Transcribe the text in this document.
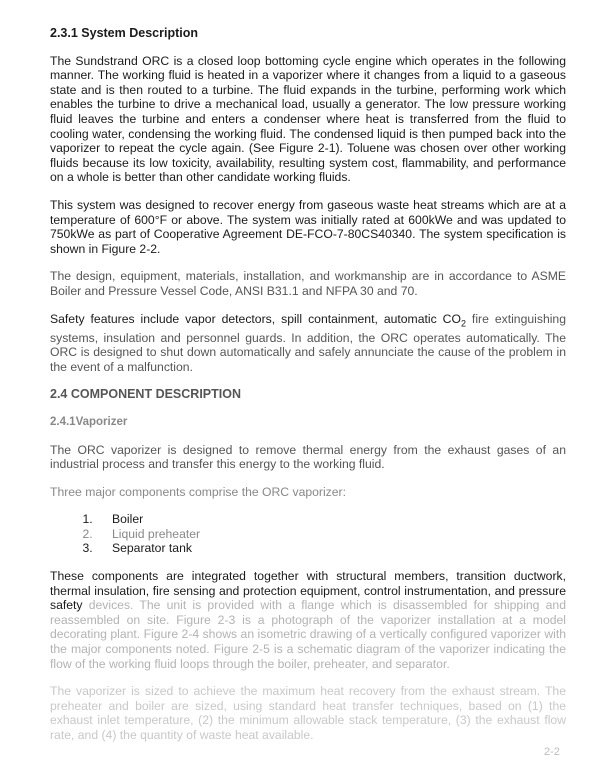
2.3.1 System Description

The Sundstrand ORC is a closed loop bottoming cycle engine which operates in the following manner. The working fluid is heated in a vaporizer where it changes from a liquid to a gaseous state and is then routed to a turbine. The fluid expands in the turbine, performing work which enables the turbine to drive a mechanical load, usually a generator. The low pressure working fluid leaves the turbine and enters a condenser where heat is transferred from the fluid to cooling water, condensing the working fluid. The condensed liquid is then pumped back into the vaporizer to repeat the cycle again. (See Figure 2-1). Toluene was chosen over other working fluids because its low toxicity, availability, resulting system cost, flammability, and performance on a whole is better than other candidate working fluids.

This system was designed to recover energy from gaseous waste heat streams which are at a temperature of 600°F or above. The system was initially rated at 600kWe and was updated to 750kWe as part of Cooperative Agreement DE-FCO-7-80CS40340. The system specification is shown in Figure 2-2.

The design, equipment, materials, installation, and workmanship are in accordance to ASME Boiler and Pressure Vessel Code, ANSI B31.1 and NFPA 30 and 70.

Safety features include vapor detectors, spill containment, automatic $CO_2$ fire extinguishing systems, insulation and personnel guards. In addition, the ORC operates automatically. The ORC is designed to shut down automatically and safely annunciate the cause of the problem in the event of a malfunction.

2.4 COMPONENT DESCRIPTION
2.4.1Vaporizer

The ORC vaporizer is designed to remove thermal energy from the exhaust gases of an industrial process and transfer this energy to the working fluid.

Three major components comprise the ORC vaporizer:

1. Boiler
2. Liquid preheater
3. Separator tank

These components are integrated together with structural members, transition ductwork, thermal insulation, fire sensing and protection equipment, control instrumentation, and pressure safety devices. The unit is provided with a flange which is disassembled for shipping and reassembled on site. Figure 2-3 is a photograph of the vaporizer installation at a model decorating plant. Figure 2-4 shows an isometric drawing of a vertically configured vaporizer with the major components noted. Figure 2-5 is a schematic diagram of the vaporizer indicating the flow of the working fluid loops through the boiler, preheater, and separator.

The vaporizer is sized to achieve the maximum heat recovery from the exhaust stream. The preheater and boiler are sized, using standard heat transfer techniques, based on (1) the exhaust inlet temperature, (2) the minimum allowable stack temperature, (3) the exhaust flow rate, and (4) the quantity of waste heat available.

2-2
